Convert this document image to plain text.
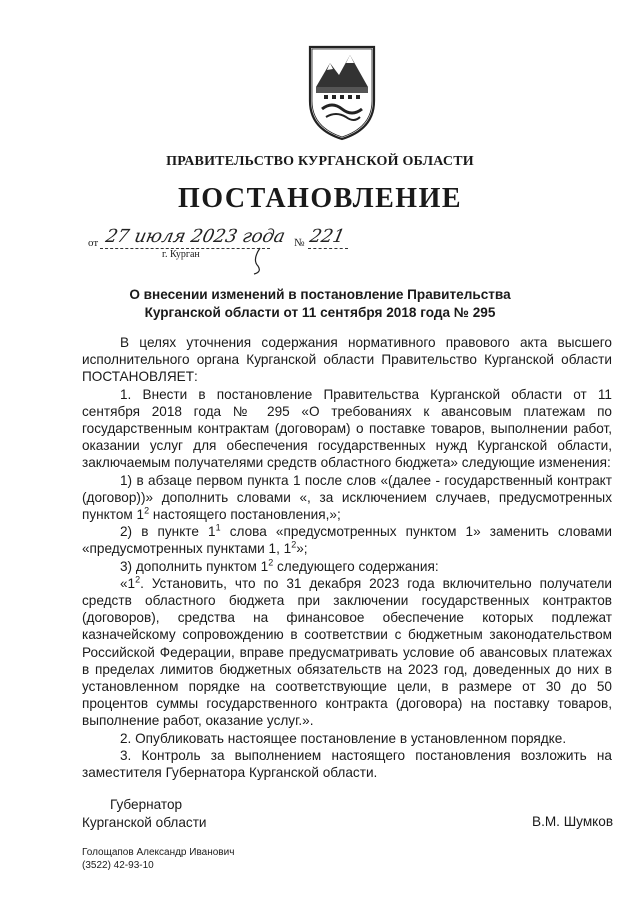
ПРАВИТЕЛЬСТВО КУРГАНСКОЙ ОБЛАСТИ
ПОСТАНОВЛЕНИЕ
от 27 июля 2023 года № 221
г. Курган
О внесении изменений в постановление Правительства
Курганской области от 11 сентября 2018 года № 295

В целях уточнения содержания нормативного правового акта высшего исполнительного органа Курганской области Правительство Курганской области ПОСТАНОВЛЯЕТ:

1. Внести в постановление Правительства Курганской области от 11 сентября 2018 года № 295 «О требованиях к авансовым платежам по государственным контрактам (договорам) о поставке товаров, выполнении работ, оказании услуг для обеспечения государственных нужд Курганской области, заключаемым получателями средств областного бюджета» следующие изменения:

1) в абзаце первом пункта 1 после слов «(далее - государственный контракт (договор))» дополнить словами «, за исключением случаев, предусмотренных пунктом $1^2$ настоящего постановления,»;

2) в пункте $1^1$ слова «предусмотренных пунктом 1» заменить словами «предусмотренных пунктами 1, $1^2$»;

3) дополнить пунктом $1^2$ следующего содержания:

«$1^2$. Установить, что по 31 декабря 2023 года включительно получатели средств областного бюджета при заключении государственных контрактов (договоров), средства на финансовое обеспечение которых подлежат казначейскому сопровождению в соответствии с бюджетным законодательством Российской Федерации, вправе предусматривать условие об авансовых платежах в пределах лимитов бюджетных обязательств на 2023 год, доведенных до них в установленном порядке на соответствующие цели, в размере от 30 до 50 процентов суммы государственного контракта (договора) на поставку товаров, выполнение работ, оказание услуг.».

2. Опубликовать настоящее постановление в установленном порядке.

3. Контроль за выполнением настоящего постановления возложить на заместителя Губернатора Курганской области.

Губернатор
Курганской области	В.М. Шумков
Голощапов Александр Иванович
(3522) 42-93-10
